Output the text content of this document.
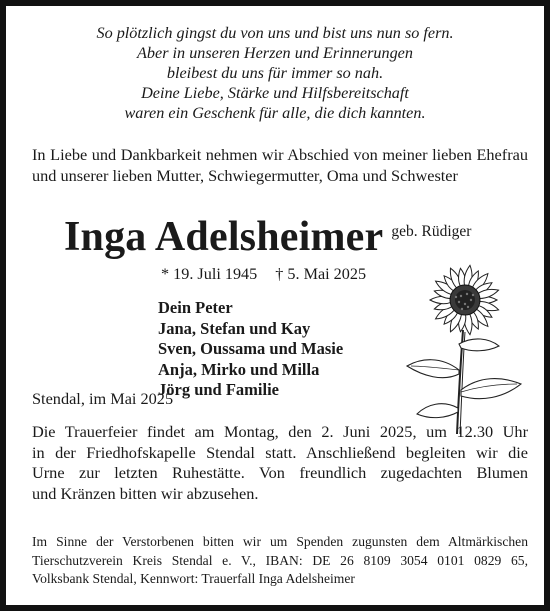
So plötzlich gingst du von uns und bist uns nun so fern.
Aber in unseren Herzen und Erinnerungen
bleibest du uns für immer so nah.
Deine Liebe, Stärke und Hilfsbereitschaft
waren ein Geschenk für alle, die dich kannten.
In Liebe und Dankbarkeit nehmen wir Abschied von meiner lieben Ehefrau und unserer lieben Mutter, Schwiegermutter, Oma und Schwester
Inga Adelsheimer geb. Rüdiger
* 19. Juli 1945 † 5. Mai 2025
Dein Peter
Jana, Stefan und Kay
Sven, Oussama und Masie
Anja, Mirko und Milla
Jörg und Familie
Stendal, im Mai 2025
Die Trauerfeier findet am Montag, den 2. Juni 2025, um 12.30 Uhr
in der Friedhofskapelle Stendal statt. Anschließend begleiten wir die
Urne zur letzten Ruhestätte. Von freundlich zugedachten Blumen
und Kränzen bitten wir abzusehen.
Im Sinne der Verstorbenen bitten wir um Spenden zugunsten dem Altmärkischen
Tierschutzverein Kreis Stendal e. V., IBAN: DE 26 8109 3054 0101 0829 65,
Volksbank Stendal, Kennwort: Trauerfall Inga Adelsheimer
